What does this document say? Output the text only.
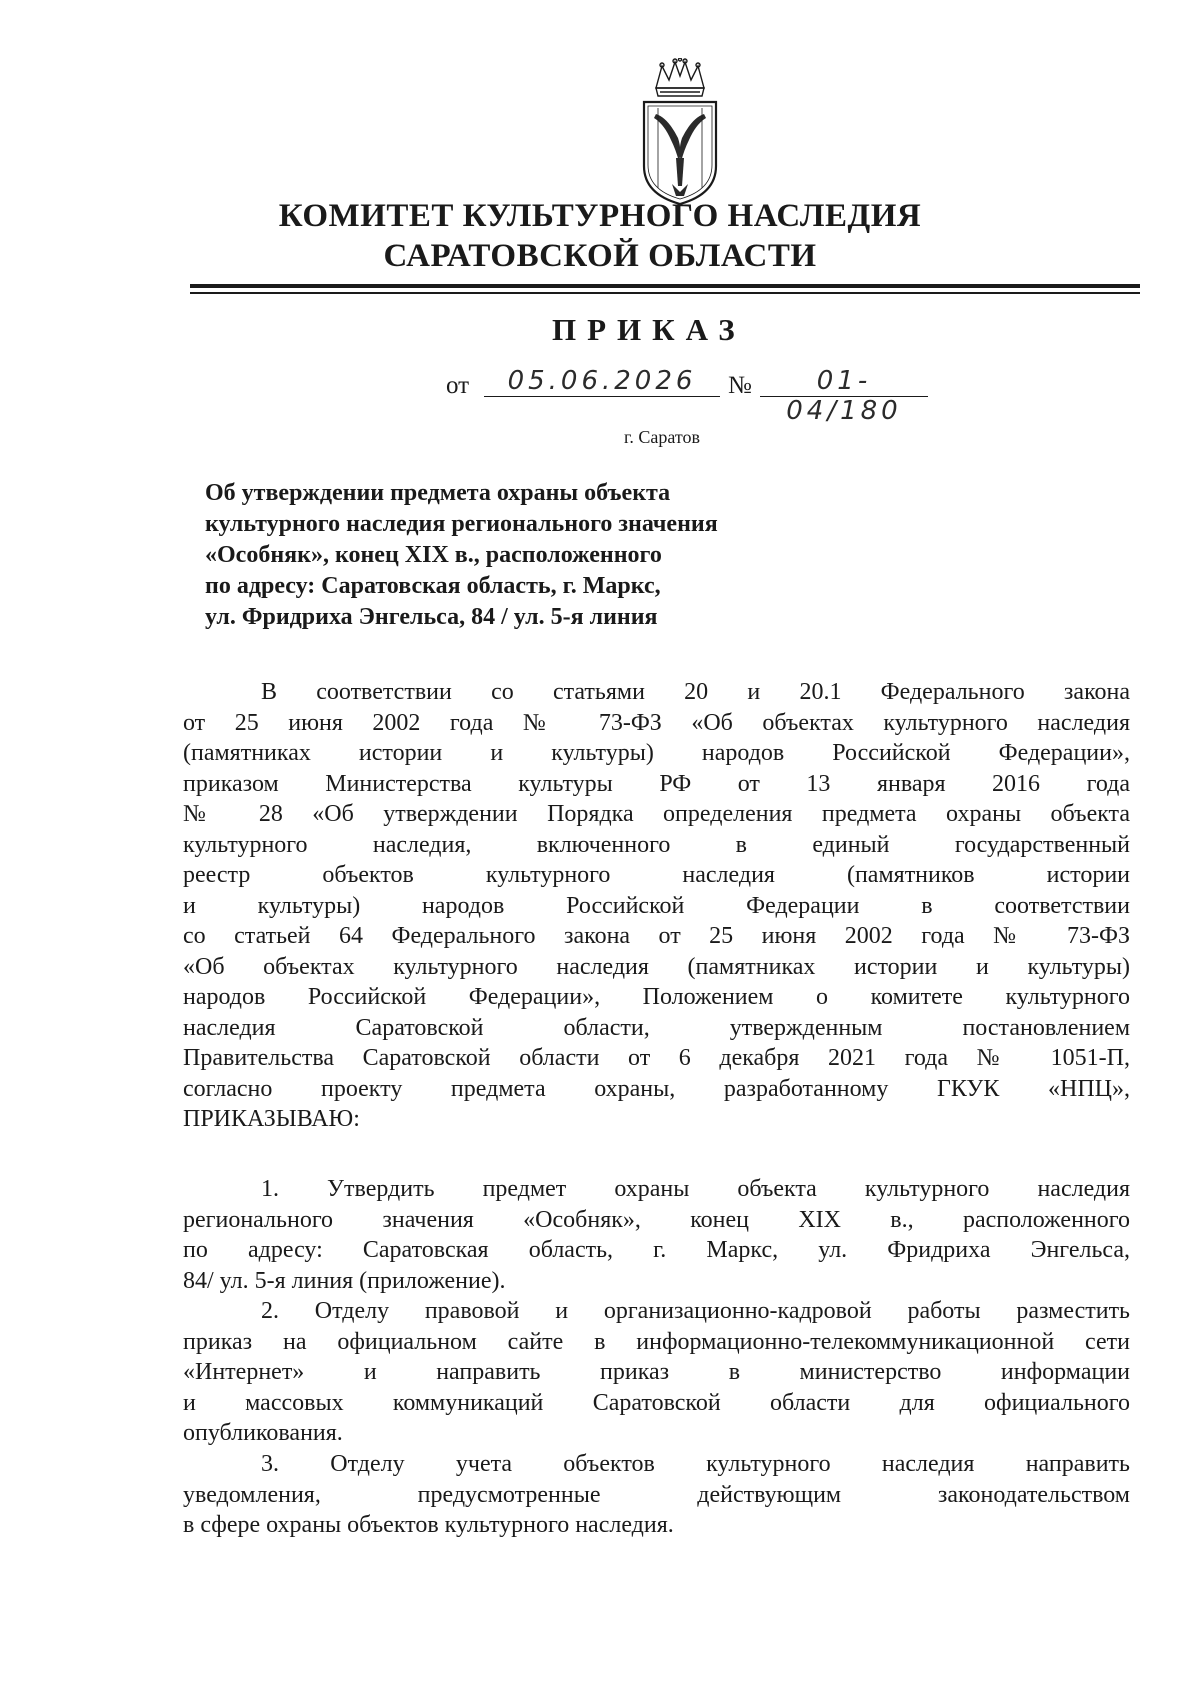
КОМИТЕТ КУЛЬТУРНОГО НАСЛЕДИЯ
САРАТОВСКОЙ ОБЛАСТИ
ПРИКАЗ
от	05.06.2026	№	01-04/180
г. Саратов
Об утверждении предмета охраны объекта
культурного наследия регионального значения
«Особняк», конец XIX в., расположенного
по адресу: Саратовская область, г. Маркс,
ул. Фридриха Энгельса, 84 / ул. 5-я линия
В соответствии со статьями 20 и 20.1 Федерального закона
от 25 июня 2002 года № 73-ФЗ «Об объектах культурного наследия
(памятниках истории и культуры) народов Российской Федерации»,
приказом Министерства культуры РФ от 13 января 2016 года
№ 28 «Об утверждении Порядка определения предмета охраны объекта
культурного наследия, включенного в единый государственный
реестр объектов культурного наследия (памятников истории
и культуры) народов Российской Федерации в соответствии
со статьей 64 Федерального закона от 25 июня 2002 года № 73-ФЗ
«Об объектах культурного наследия (памятниках истории и культуры)
народов Российской Федерации», Положением о комитете культурного
наследия Саратовской области, утвержденным постановлением
Правительства Саратовской области от 6 декабря 2021 года № 1051-П,
согласно проекту предмета охраны, разработанному ГКУК «НПЦ»,
ПРИКАЗЫВАЮ:
1. Утвердить предмет охраны объекта культурного наследия
регионального значения «Особняк», конец XIX в., расположенного
по адресу: Саратовская область, г. Маркс, ул. Фридриха Энгельса,
84/ ул. 5-я линия (приложение).
2. Отделу правовой и организационно-кадровой работы разместить
приказ на официальном сайте в информационно-телекоммуникационной сети
«Интернет» и направить приказ в министерство информации
и массовых коммуникаций Саратовской области для официального
опубликования.
3. Отделу учета объектов культурного наследия направить
уведомления, предусмотренные действующим законодательством
в сфере охраны объектов культурного наследия.
